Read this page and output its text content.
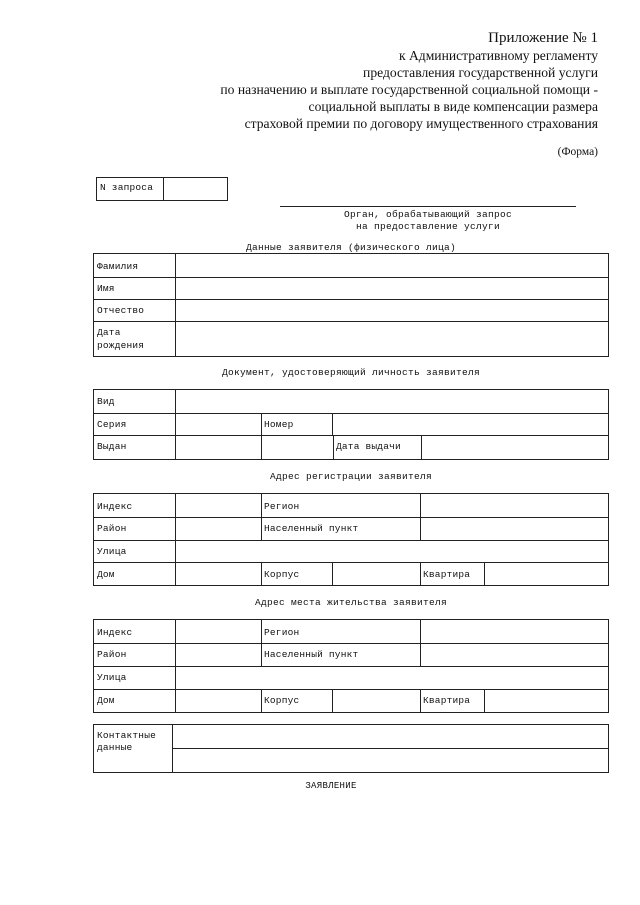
Приложение № 1
к Административному регламенту
предоставления государственной услуги
по назначению и выплате государственной социальной помощи -
социальной выплаты в виде компенсации размера
страховой премии по договору имущественного страхования
(Форма)
N запроса
Орган, обрабатывающий запрос
на предоставление услуги
Данные заявителя (физического лица)
Фамилия
Имя
Отчество
Дата
рождения
Документ, удостоверяющий личность заявителя
Вид
Серия	Номер
Выдан	Дата выдачи
Адрес регистрации заявителя
Индекс	Регион
Район	Населенный пункт
Улица
Дом	Корпус	Квартира
Адрес места жительства заявителя
Индекс	Регион
Район	Населенный пункт
Улица
Дом	Корпус	Квартира
Контактные
данные
ЗАЯВЛЕНИЕ
